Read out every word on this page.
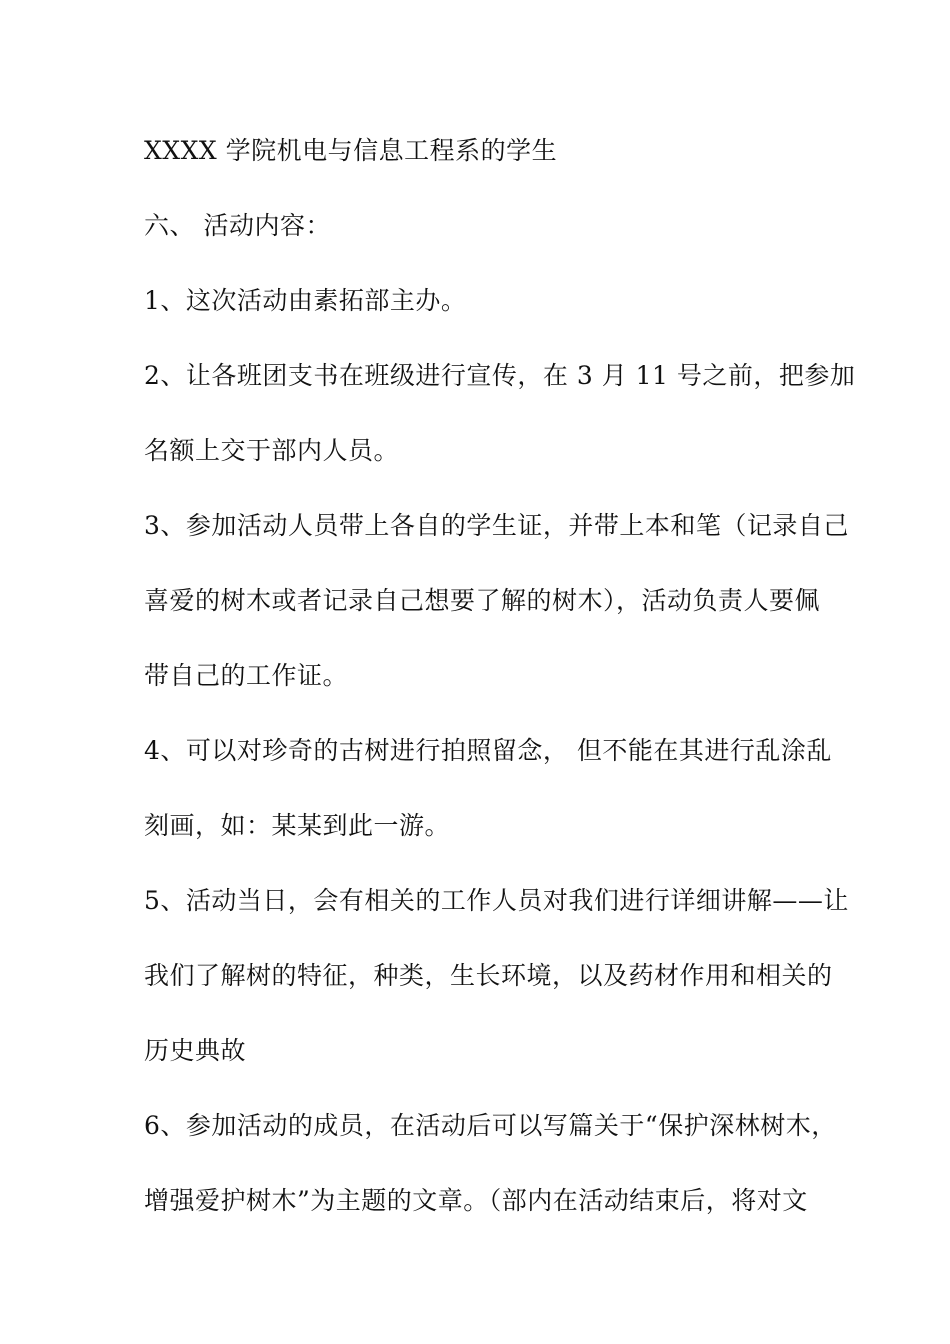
XXXX 学院机电与信息工程系的学生
六、 活动内容：
1、这次活动由素拓部主办。
2、让各班团支书在班级进行宣传，在 3 月 11 号之前，把参加
名额上交于部内人员。
3、参加活动人员带上各自的学生证，并带上本和笔（记录自己
喜爱的树木或者记录自己想要了解的树木），活动负责人要佩
带自己的工作证。
4、可以对珍奇的古树进行拍照留念， 但不能在其进行乱涂乱
刻画，如：某某到此一游。
5、活动当日，会有相关的工作人员对我们进行详细讲解——让
我们了解树的特征，种类，生长环境，以及药材作用和相关的
历史典故
6、参加活动的成员，在活动后可以写篇关于“保护深林树木，
增强爱护树木”为主题的文章。（部内在活动结束后，将对文
